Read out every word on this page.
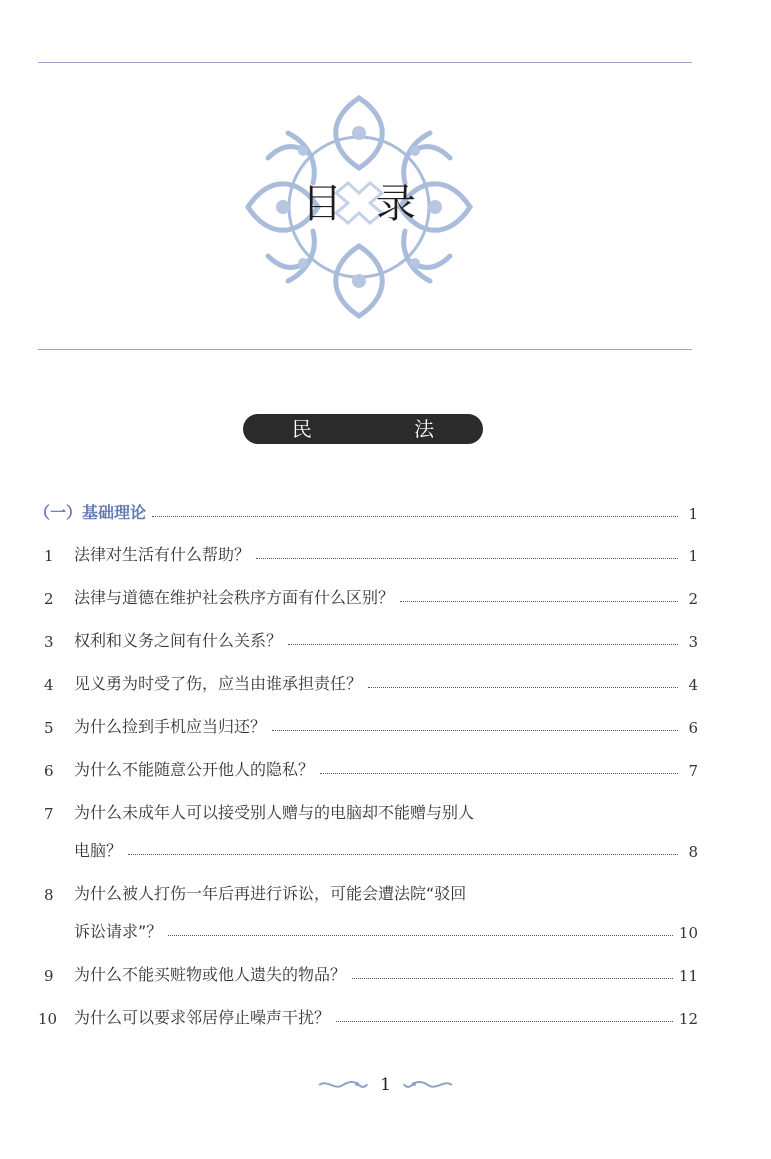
目录
民 法
（一）基础理论	1
1	法律对生活有什么帮助？	1
2	法律与道德在维护社会秩序方面有什么区别？	2
3	权利和义务之间有什么关系？	3
4	见义勇为时受了伤，应当由谁承担责任？	4
5	为什么捡到手机应当归还？	6
6	为什么不能随意公开他人的隐私？	7
7	为什么未成年人可以接受别人赠与的电脑却不能赠与别人
电脑？	8
8	为什么被人打伤一年后再进行诉讼，可能会遭法院“驳回
诉讼请求”？	10
9	为什么不能买赃物或他人遗失的物品？	11
10	为什么可以要求邻居停止噪声干扰？	12
1
